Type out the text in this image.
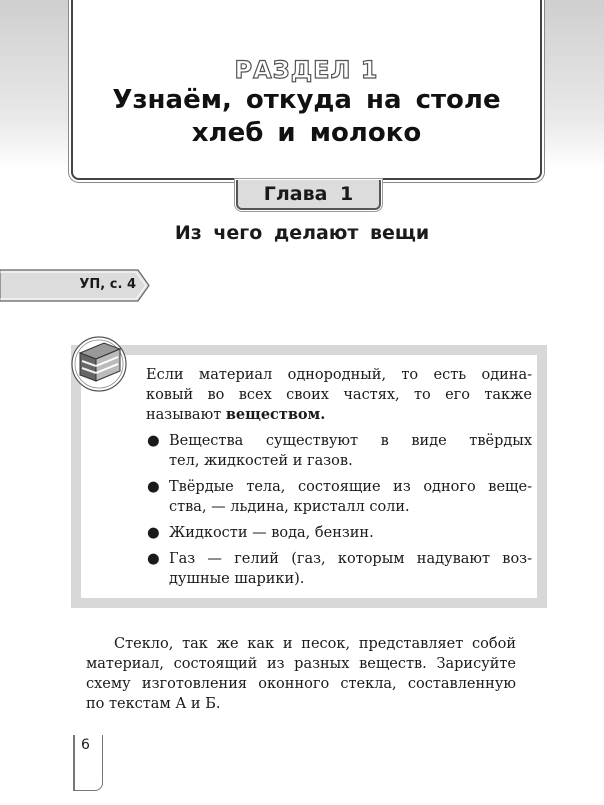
РАЗДЕЛ 1
Узнаём, откуда на столе
хлеб и молоко
Глава 1
Из чего делают вещи
УП, с. 4
Если материал однородный, то есть одина-
ковый во всех своих частях, то его также
называют веществом.
● Вещества существуют в виде твёрдых
тел, жидкостей и газов.
● Твёрдые тела, состоящие из одного веще-
ства, — льдина, кристалл соли.
● Жидкости — вода, бензин.
● Газ — гелий (газ, которым надувают воз-
душные шарики).
Стекло, так же как и песок, представляет собой
материал, состоящий из разных веществ. Зарисуйте
схему изготовления оконного стекла, составленную
по текстам А и Б.
6
